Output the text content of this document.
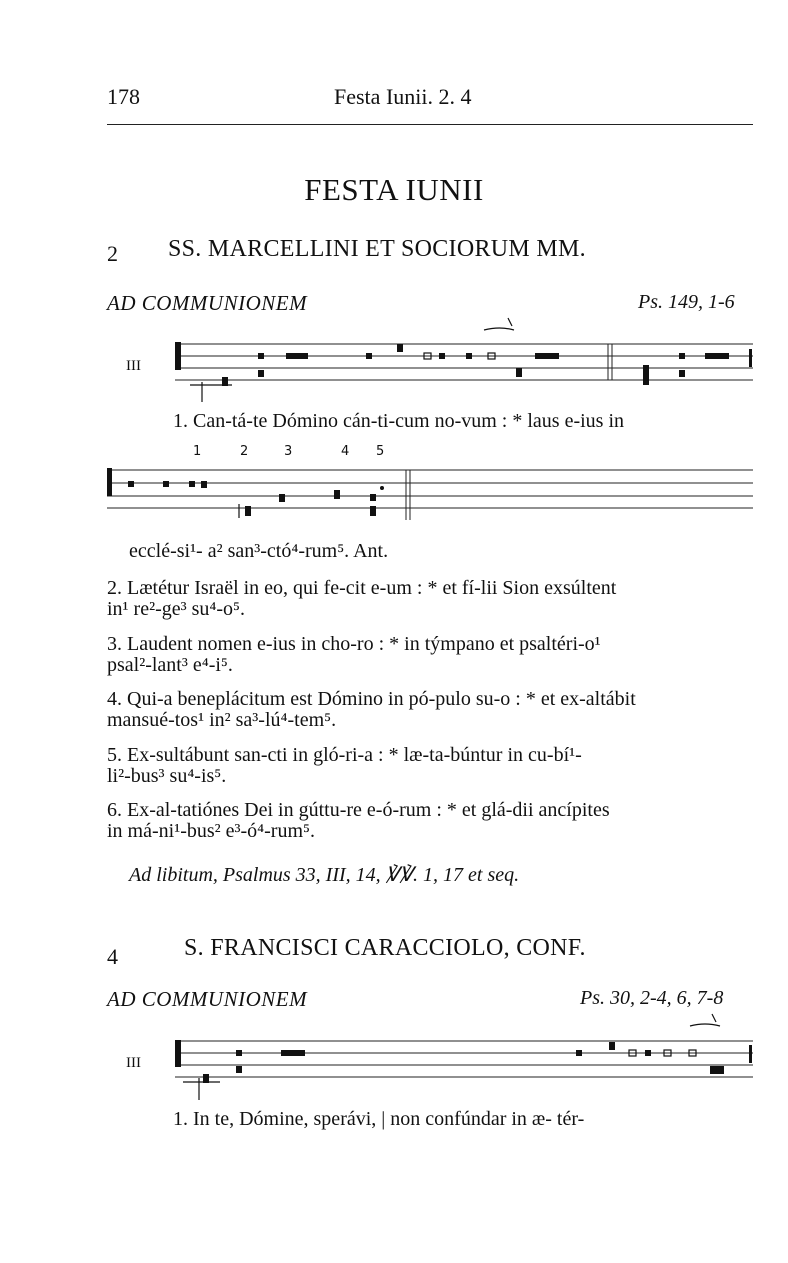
178	Festa Iunii. 2. 4
FESTA IUNII
2 SS. MARCELLINI ET SOCIORUM MM.
AD COMMUNIONEM	Ps. 149, 1-6
III
1. Can-tá-te Dómino cán-ti-cum no-vum : * laus e-ius in
1	2	3	4 5
ecclé-si¹- a² san³-ctó⁴-rum⁵. Ant.
2. Lætétur Israël in eo, qui fe-cit e-um : * et fí-lii Sion exsúltent
in¹ re²-ge³ su⁴-o⁵.
3. Laudent nomen e-ius in cho-ro : * in týmpano et psaltéri-o¹
psal²-lant³ e⁴-i⁵.
4. Qui-a beneplácitum est Dómino in pó-pulo su-o : * et ex-altábit
mansué-tos¹ in² sa³-lú⁴-tem⁵.
5. Ex-sultábunt san-cti in gló-ri-a : * læ-ta-búntur in cu-bí¹-
li²-bus³ su⁴-is⁵.
6. Ex-al-tatiónes Dei in gúttu-re e-ó-rum : * et glá-dii ancípites
in má-ni¹-bus² e³-ó⁴-rum⁵.
Ad libitum, Psalmus 33, III, 14, ℣℣. 1, 17 et seq.
4	S. FRANCISCI CARACCIOLO, CONF.
AD COMMUNIONEM	Ps. 30, 2-4, 6, 7-8
III
1. In te, Dómine, sperávi, | non confúndar in æ- tér-
